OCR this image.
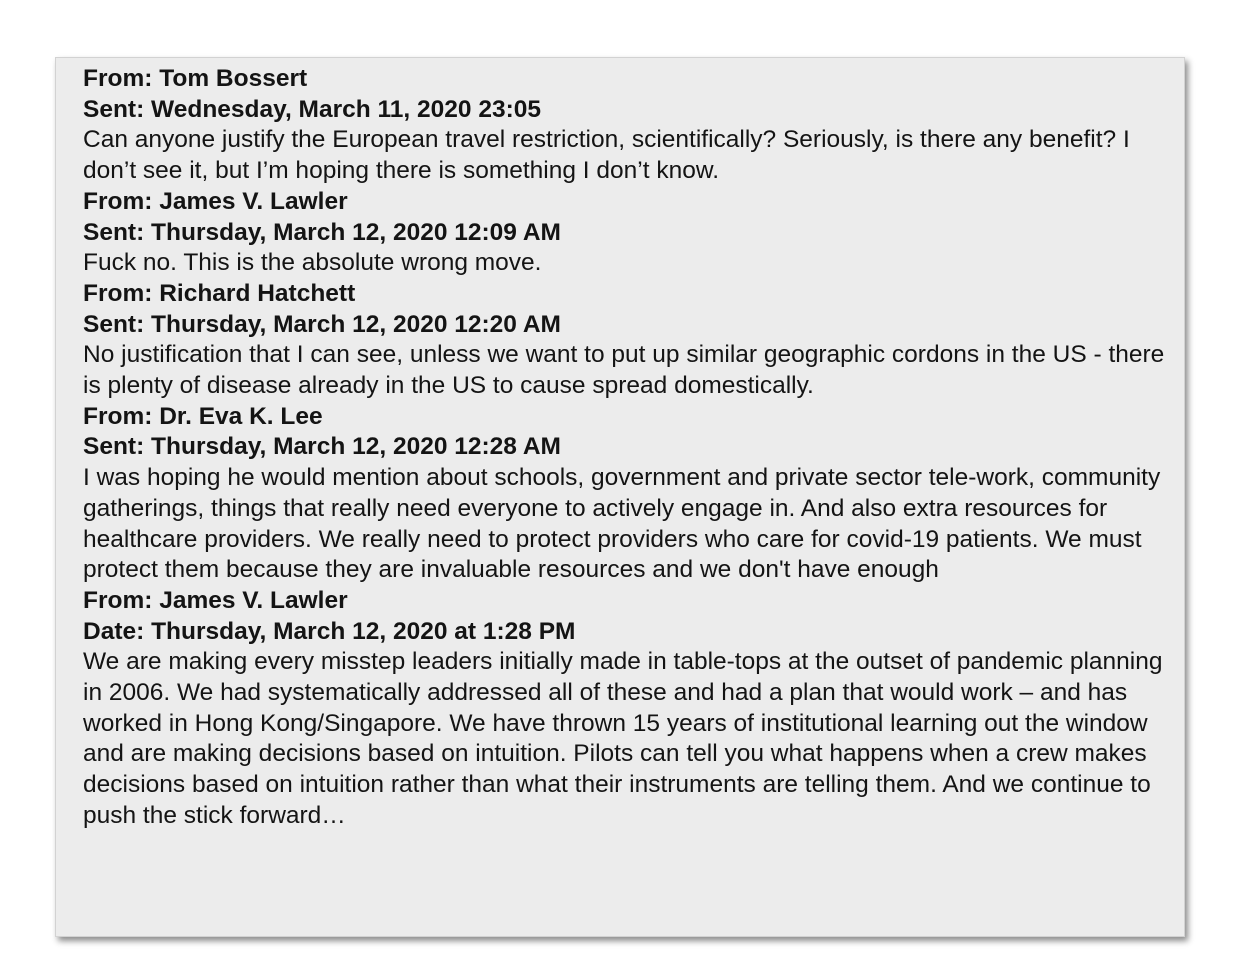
From: Tom Bossert
Sent: Wednesday, March 11, 2020 23:05
Can anyone justify the European travel restriction, scientifically? Seriously, is there any benefit? I don’t see it, but I’m hoping there is something I don’t know.
From: James V. Lawler
Sent: Thursday, March 12, 2020 12:09 AM
Fuck no. This is the absolute wrong move.
From: Richard Hatchett
Sent: Thursday, March 12, 2020 12:20 AM
No justification that I can see, unless we want to put up similar geographic cordons in the US - there is plenty of disease already in the US to cause spread domestically.
From: Dr. Eva K. Lee
Sent: Thursday, March 12, 2020 12:28 AM
I was hoping he would mention about schools, government and private sector tele-work, community gatherings, things that really need everyone to actively engage in. And also extra resources for healthcare providers. We really need to protect providers who care for covid-19 patients. We must protect them because they are invaluable resources and we don't have enough
From: James V. Lawler
Date: Thursday, March 12, 2020 at 1:28 PM
We are making every misstep leaders initially made in table-tops at the outset of pandemic planning in 2006. We had systematically addressed all of these and had a plan that would work – and has worked in Hong Kong/Singapore. We have thrown 15 years of institutional learning out the window and are making decisions based on intuition. Pilots can tell you what happens when a crew makes decisions based on intuition rather than what their instruments are telling them. And we continue to push the stick forward…
